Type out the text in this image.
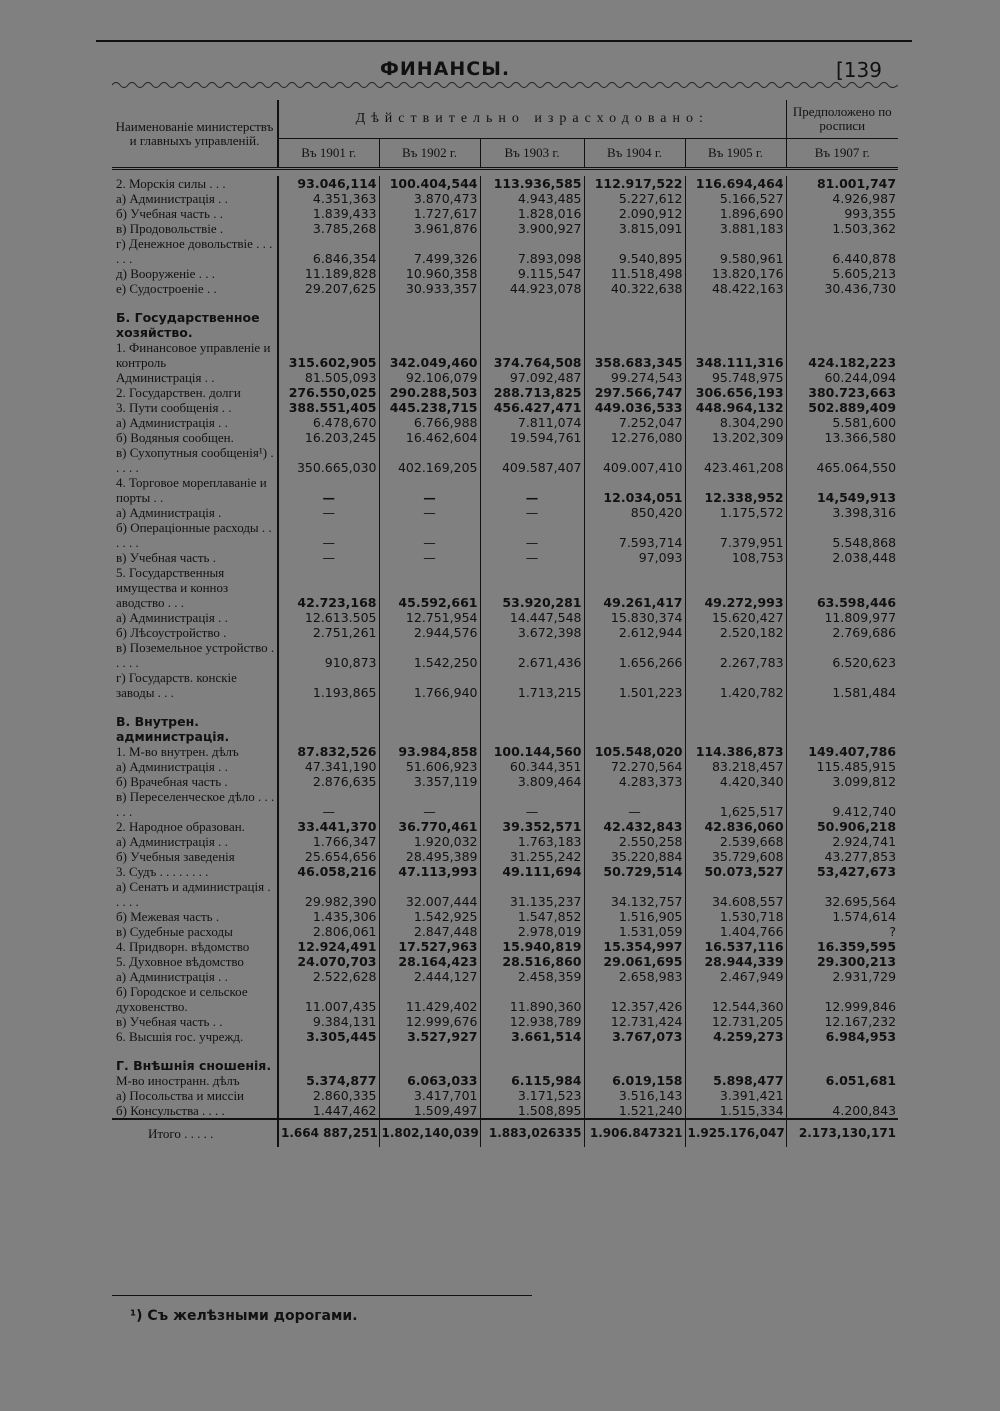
ФИНАНСЫ.	[139
Наименованіе министерствъ и главныхъ управленій.	Дѣйствительно израсходовано:					Предположено по росписи
	Въ 1901 г.	Въ 1902 г.	Въ 1903 г.	Въ 1904 г.	Въ 1905 г.	Въ 1907 г.

2. Морскія силы . . .	93.046,114	100.404,544	113.936,585	112.917,522	116.694,464	81.001,747
а) Администрація . .	4.351,363	3.870,473	4.943,485	5.227,612	5.166,527	4.926,987
б) Учебная часть . .	1.839,433	1.727,617	1.828,016	2.090,912	1.896,690	993,355
в) Продовольствіе .	3.785,268	3.961,876	3.900,927	3.815,091	3.881,183	1.503,362
г) Денежное довольствіе . . . . . .	6.846,354	7.499,326	7.893,098	9.540,895	9.580,961	6.440,878
д) Вооруженіе . . .	11.189,828	10.960,358	9.115,547	11.518,498	13.820,176	5.605,213
е) Судостроеніе . .	29.207,625	30.933,357	44.923,078	40.322,638	48.422,163	30.436,730
Б. Государственное хозяйство.						
1. Финансовое управленіе и контроль	315.602,905	342.049,460	374.764,508	358.683,345	348.111,316	424.182,223
Администрація . .	81.505,093	92.106,079	97.092,487	99.274,543	95.748,975	60.244,094
2. Государствен. долги	276.550,025	290.288,503	288.713,825	297.566,747	306.656,193	380.723,663
3. Пути сообщенія . .	388.551,405	445.238,715	456.427,471	449.036,533	448.964,132	502.889,409
а) Администрація . .	6.478,670	6.766,988	7.811,074	7.252,047	8.304,290	5.581,600
б) Водяныя сообщен.	16.203,245	16.462,604	19.594,761	12.276,080	13.202,309	13.366,580
в) Сухопутныя сообщенія¹) . . . . .	350.665,030	402.169,205	409.587,407	409.007,410	423.461,208	465.064,550
4. Торговое мореплаваніе и порты . .	—	—	—	12.034,051	12.338,952	14,549,913
а) Администрація .	—	—	—	850,420	1.175,572	3.398,316
б) Операціонные расходы . . . . . .	—	—	—	7.593,714	7.379,951	5.548,868
в) Учебная часть .	—	—	—	97,093	108,753	2.038,448
5. Государственныя имущества и конноз аводство . . .	42.723,168	45.592,661	53.920,281	49.261,417	49.272,993	63.598,446
а) Администрація . .	12.613.505	12.751,954	14.447,548	15.830,374	15.620,427	11.809,977
б) Лѣсоустройство .	2.751,261	2.944,576	3.672,398	2.612,944	2.520,182	2.769,686
в) Поземельное устройство . . . . .	910,873	1.542,250	2.671,436	1.656,266	2.267,783	6.520,623
г) Государств. конскіе заводы . . .	1.193,865	1.766,940	1.713,215	1.501,223	1.420,782	1.581,484
В. Внутрен. администрація.						
1. М-во внутрен. дѣлъ	87.832,526	93.984,858	100.144,560	105.548,020	114.386,873	149.407,786
а) Администрація . .	47.341,190	51.606,923	60.344,351	72.270,564	83.218,457	115.485,915
б) Врачебная часть .	2.876,635	3.357,119	3.809,464	4.283,373	4.420,340	3.099,812
в) Переселенческое дѣло . . . . . .	—	—	—	—	1,625,517	9.412,740
2. Народное образован.	33.441,370	36.770,461	39.352,571	42.432,843	42.836,060	50.906,218
а) Администрація . .	1.766,347	1.920,032	1.763,183	2.550,258	2.539,668	2.924,741
б) Учебныя заведенія	25.654,656	28.495,389	31.255,242	35.220,884	35.729,608	43.277,853
3. Судъ . . . . . . . .	46.058,216	47.113,993	49.111,694	50.729,514	50.073,527	53,427,673
а) Сенатъ и администрація . . . . .	29.982,390	32.007,444	31.135,237	34.132,757	34.608,557	32.695,564
б) Межевая часть .	1.435,306	1.542,925	1.547,852	1.516,905	1.530,718	1.574,614
в) Судебные расходы	2.806,061	2.847,448	2.978,019	1.531,059	1.404,766	?
4. Придворн. вѣдомство	12.924,491	17.527,963	15.940,819	15.354,997	16.537,116	16.359,595
5. Духовное вѣдомство	24.070,703	28.164,423	28.516,860	29.061,695	28.944,339	29.300,213
а) Администрація . .	2.522,628	2.444,127	2.458,359	2.658,983	2.467,949	2.931,729
б) Городское и сельское духовенство.	11.007,435	11.429,402	11.890,360	12.357,426	12.544,360	12.999,846
в) Учебная часть . .	9.384,131	12.999,676	12.938,789	12.731,424	12.731,205	12.167,232
6. Высшія гос. учрежд.	3.305,445	3.527,927	3.661,514	3.767,073	4.259,273	6.984,953
Г. Внѣшнія сношенія.						
М-во иностранн. дѣлъ	5.374,877	6.063,033	6.115,984	6.019,158	5.898,477	6.051,681
а) Посольства и миссіи	2.860,335	3.417,701	3.171,523	3.516,143	3.391,421	
б) Консульства . . . .	1.447,462	1.509,497	1.508,895	1.521,240	1.515,334	4.200,843
Итого . . . . .	1.664 887,251	1.802,140,039	1.883,026335	1.906.847321	1.925.176,047	2.173,130,171
¹) Съ желѣзными дорогами.
